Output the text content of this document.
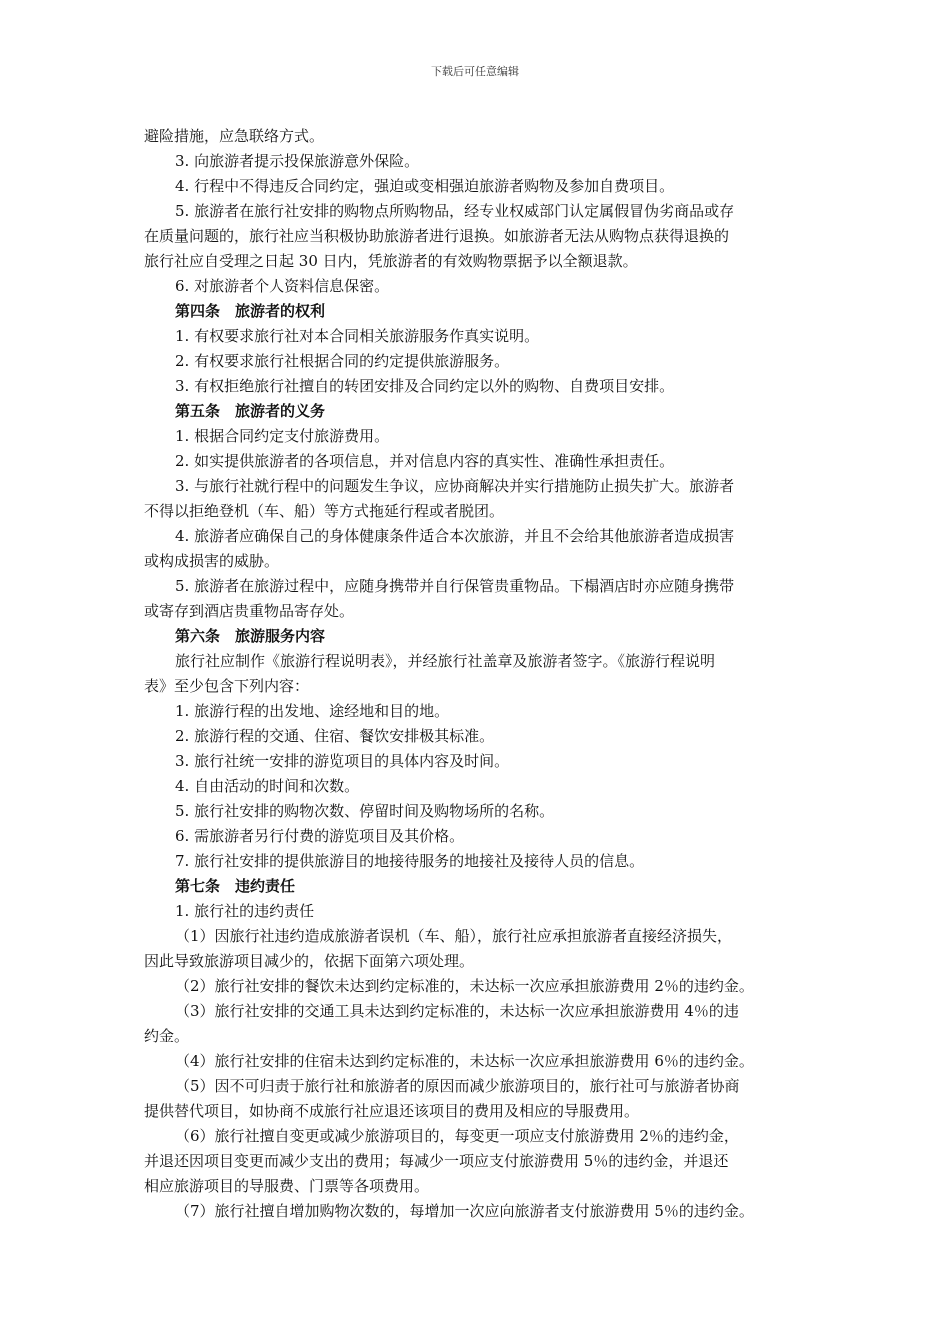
下载后可任意编辑
避险措施，应急联络方式。
3. 向旅游者提示投保旅游意外保险。
4. 行程中不得违反合同约定，强迫或变相强迫旅游者购物及参加自费项目。
5. 旅游者在旅行社安排的购物点所购物品，经专业权威部门认定属假冒伪劣商品或存
在质量问题的，旅行社应当积极协助旅游者进行退换。如旅游者无法从购物点获得退换的
旅行社应自受理之日起 30 日内，凭旅游者的有效购物票据予以全额退款。
6. 对旅游者个人资料信息保密。
第四条　旅游者的权利
1. 有权要求旅行社对本合同相关旅游服务作真实说明。
2. 有权要求旅行社根据合同的约定提供旅游服务。
3. 有权拒绝旅行社擅自的转团安排及合同约定以外的购物、自费项目安排。
第五条　旅游者的义务
1. 根据合同约定支付旅游费用。
2. 如实提供旅游者的各项信息，并对信息内容的真实性、准确性承担责任。
3. 与旅行社就行程中的问题发生争议，应协商解决并实行措施防止损失扩大。旅游者
不得以拒绝登机（车、船）等方式拖延行程或者脱团。
4. 旅游者应确保自己的身体健康条件适合本次旅游，并且不会给其他旅游者造成损害
或构成损害的威胁。
5. 旅游者在旅游过程中，应随身携带并自行保管贵重物品。下榻酒店时亦应随身携带
或寄存到酒店贵重物品寄存处。
第六条　旅游服务内容
旅行社应制作《旅游行程说明表》，并经旅行社盖章及旅游者签字。《旅游行程说明
表》至少包含下列内容：
1. 旅游行程的出发地、途经地和目的地。
2. 旅游行程的交通、住宿、餐饮安排极其标准。
3. 旅行社统一安排的游览项目的具体内容及时间。
4. 自由活动的时间和次数。
5. 旅行社安排的购物次数、停留时间及购物场所的名称。
6. 需旅游者另行付费的游览项目及其价格。
7. 旅行社安排的提供旅游目的地接待服务的地接社及接待人员的信息。
第七条　违约责任
1. 旅行社的违约责任
（1）因旅行社违约造成旅游者误机（车、船），旅行社应承担旅游者直接经济损失，
因此导致旅游项目减少的，依据下面第六项处理。
（2）旅行社安排的餐饮未达到约定标准的，未达标一次应承担旅游费用 2％的违约金。
（3）旅行社安排的交通工具未达到约定标准的，未达标一次应承担旅游费用 4％的违
约金。
（4）旅行社安排的住宿未达到约定标准的，未达标一次应承担旅游费用 6％的违约金。
（5）因不可归责于旅行社和旅游者的原因而减少旅游项目的，旅行社可与旅游者协商
提供替代项目，如协商不成旅行社应退还该项目的费用及相应的导服费用。
（6）旅行社擅自变更或减少旅游项目的，每变更一项应支付旅游费用 2％的违约金，
并退还因项目变更而减少支出的费用；每减少一项应支付旅游费用 5％的违约金，并退还
相应旅游项目的导服费、门票等各项费用。
（7）旅行社擅自增加购物次数的，每增加一次应向旅游者支付旅游费用 5％的违约金。
